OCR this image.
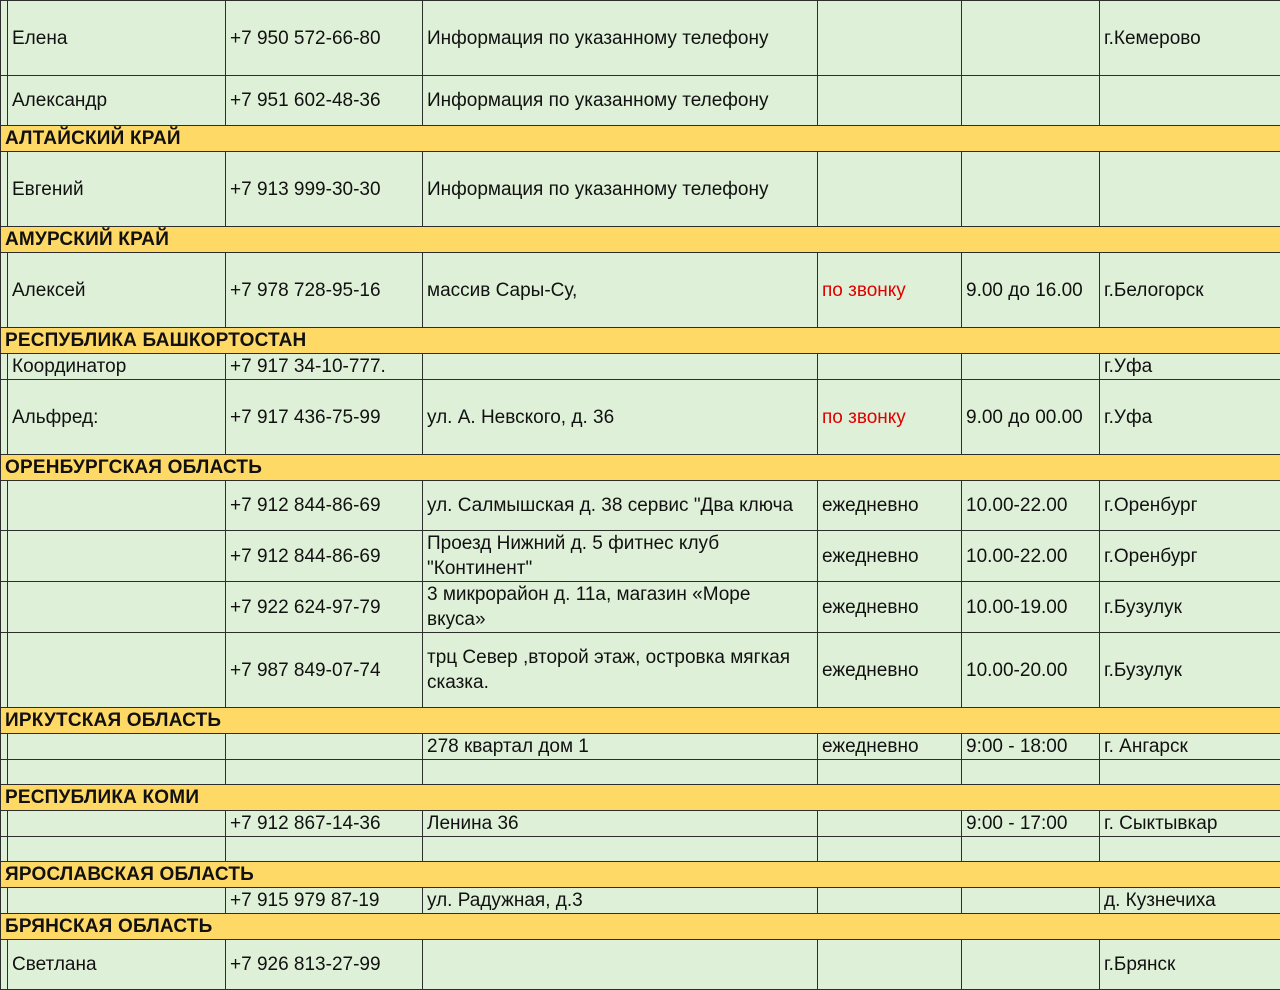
	Елена	+7 950 572-66-80	Информация по указанному телефону			г.Кемерово
	Александр	+7 951 602-48-36	Информация по указанному телефону			
АЛТАЙСКИЙ КРАЙ						
	Евгений	+7 913 999-30-30	Информация по указанному телефону			
АМУРСКИЙ КРАЙ						
	Алексей	+7 978 728-95-16	массив Сары-Су,	по звонку	9.00 до 16.00	г.Белогорск
РЕСПУБЛИКА БАШКОРТОСТАН						
	Координатор	+7 917 34-10-777.				г.Уфа
	Альфред:	+7 917 436-75-99	ул. А. Невского, д. 36	по звонку	9.00 до 00.00	г.Уфа
ОРЕНБУРГСКАЯ ОБЛАСТЬ						
		+7 912 844-86-69	ул. Салмышская д. 38 сервис "Два ключа	ежедневно	10.00-22.00	г.Оренбург
		+7 912 844-86-69	Проезд Нижний д. 5 фитнес клуб "Континент"	ежедневно	10.00-22.00	г.Оренбург
		+7 922 624-97-79	3 микрорайон д. 11а, магазин «Море вкуса»	ежедневно	10.00-19.00	г.Бузулук
		+7 987 849-07-74	трц Север ,второй этаж, островка мягкая сказка.	ежедневно	10.00-20.00	г.Бузулук
ИРКУТСКАЯ ОБЛАСТЬ						
			278 квартал дом 1	ежедневно	9:00 - 18:00	г. Ангарск

РЕСПУБЛИКА КОМИ						
		+7 912 867-14-36	Ленина 36		9:00 - 17:00	г. Сыктывкар

ЯРОСЛАВСКАЯ ОБЛАСТЬ						
		+7 915 979 87-19	ул. Радужная, д.3			д. Кузнечиха
БРЯНСКАЯ ОБЛАСТЬ						
	Светлана	+7 926 813-27-99				г.Брянск
